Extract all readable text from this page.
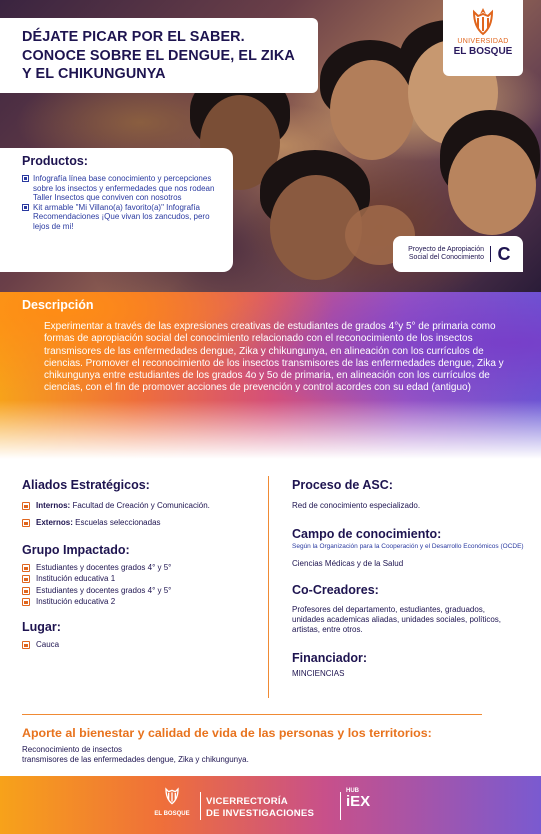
DÉJATE PICAR POR EL SABER. CONOCE SOBRE EL DENGUE, EL ZIKA Y EL CHIKUNGUNYA
UNIVERSIDAD
EL BOSQUE

Productos:
Infografía línea base conocimiento y percepciones sobre los insectos y enfermedades que nos rodean Taller Insectos que conviven con nosotros
Kit armable "Mi Villano(a) favorito(a)" Infografía Recomendaciones ¡Que vivan los zancudos, pero lejos de mi!
Proyecto de Apropiación Social del Conocimiento C
Descripción

Experimentar a través de las expresiones creativas de estudiantes de grados 4°y 5° de primaria como formas de apropiación social del conocimiento relacionado con el reconocimiento de los insectos transmisores de las enfermedades dengue, Zika y chikungunya, en alineación con los currículos de ciencias. Promover el reconocimiento de los insectos transmisores de las enfermedades dengue, Zika y chikungunya entre estudiantes de los grados 4o y 5o de primaria, en alineación con los currículos de ciencias, con el fin de promover acciones de prevención y control acordes con su edad (antiguo)

Aliados Estratégicos:
Internos: Facultad de Creación y Comunicación.
Externos: Escuelas seleccionadas
Grupo Impactado:
Estudiantes y docentes grados 4° y 5°
Institución educativa 1
Estudiantes y docentes grados 4° y 5°
Institución educativa 2
Lugar:
Cauca
Proceso de ASC:
Red de conocimiento especializado.
Campo de conocimiento:
Según la Organización para la Cooperación y el Desarrollo Económicos (OCDE)
Ciencias Médicas y de la Salud
Co-Creadores:
Profesores del departamento, estudiantes, graduados, unidades academicas aliadas, unidades sociales, políticos, artistas, entre otros.
Financiador:
MINCIENCIAS
Aporte al bienestar y calidad de vida de las personas y los territorios:
Reconocimiento de insectos
transmisores de las enfermedades dengue, Zika y chikungunya.
EL BOSQUE
VICERRECTORÍA
DE INVESTIGACIONES
HUB
iEX
